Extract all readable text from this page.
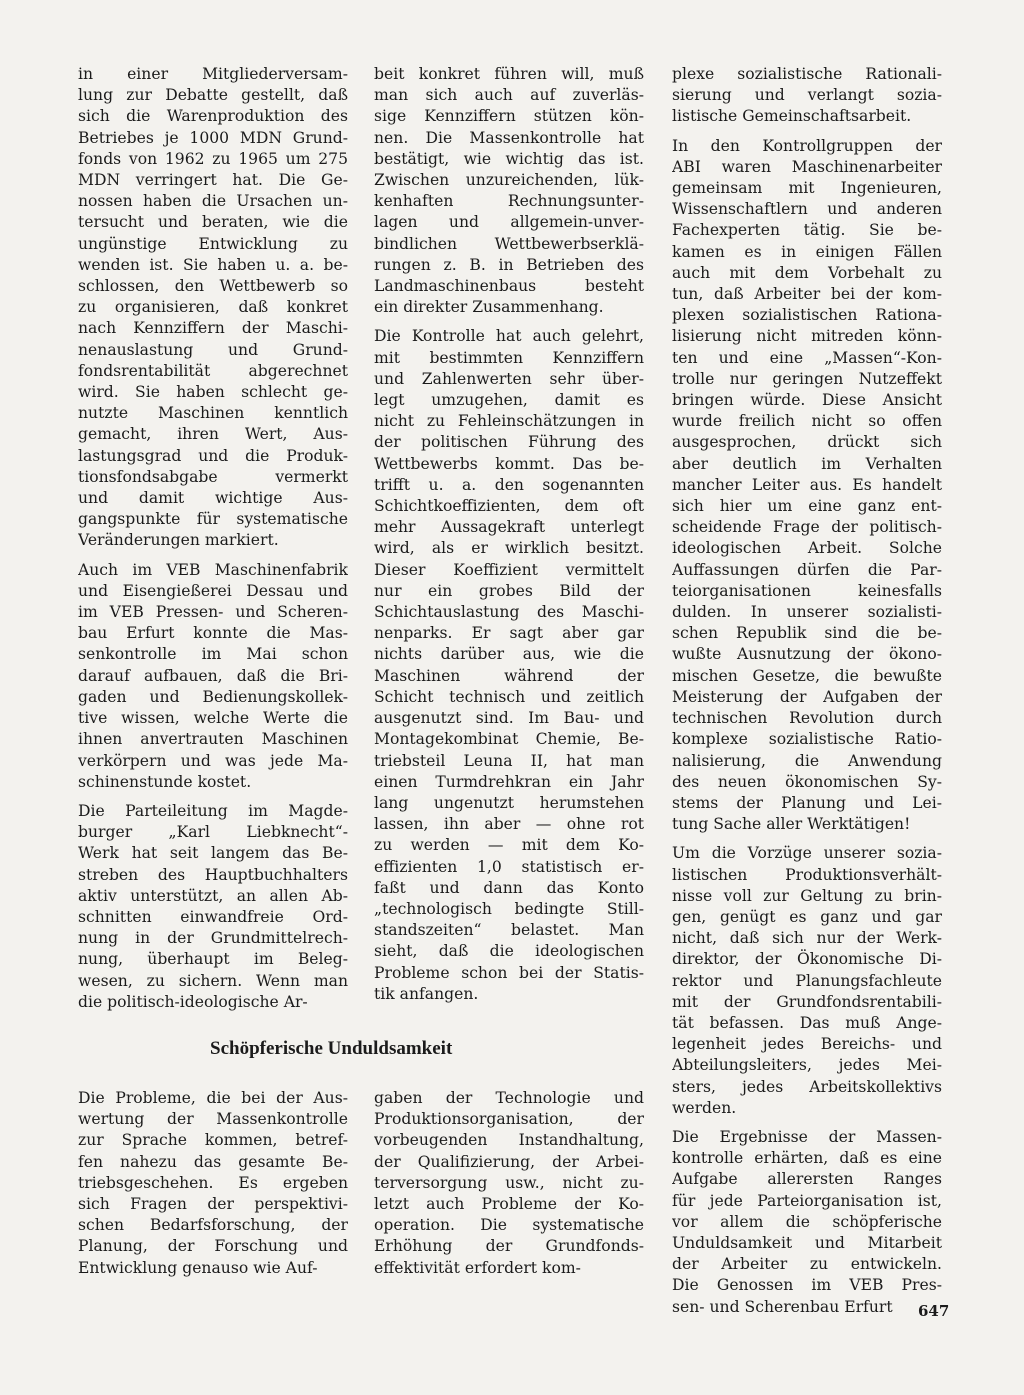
in einer Mitgliederversam-
lung zur Debatte gestellt, daß
sich die Warenproduktion des
Betriebes je 1000 MDN Grund-
fonds von 1962 zu 1965 um 275
MDN verringert hat. Die Ge-
nossen haben die Ursachen un-
tersucht und beraten, wie die
ungünstige Entwicklung zu
wenden ist. Sie haben u. a. be-
schlossen, den Wettbewerb so
zu organisieren, daß konkret
nach Kennziffern der Maschi-
nenauslastung und Grund-
fondsrentabilität abgerechnet
wird. Sie haben schlecht ge-
nutzte Maschinen kenntlich
gemacht, ihren Wert, Aus-
lastungsgrad und die Produk-
tionsfondsabgabe vermerkt
und damit wichtige Aus-
gangspunkte für systematische
Veränderungen markiert.

Auch im VEB Maschinenfabrik
und Eisengießerei Dessau und
im VEB Pressen- und Scheren-
bau Erfurt konnte die Mas-
senkontrolle im Mai schon
darauf aufbauen, daß die Bri-
gaden und Bedienungskollek-
tive wissen, welche Werte die
ihnen anvertrauten Maschinen
verkörpern und was jede Ma-
schinenstunde kostet.

Die Parteileitung im Magde-
burger „Karl Liebknecht“-
Werk hat seit langem das Be-
streben des Hauptbuchhalters
aktiv unterstützt, an allen Ab-
schnitten einwandfreie Ord-
nung in der Grundmittelrech-
nung, überhaupt im Beleg-
wesen, zu sichern. Wenn man
die politisch-ideologische Ar-

beit konkret führen will, muß
man sich auch auf zuverläs-
sige Kennziffern stützen kön-
nen. Die Massenkontrolle hat
bestätigt, wie wichtig das ist.
Zwischen unzureichenden, lük-
kenhaften Rechnungsunter-
lagen und allgemein-unver-
bindlichen Wettbewerbserklä-
rungen z. B. in Betrieben des
Landmaschinenbaus besteht
ein direkter Zusammenhang.

Die Kontrolle hat auch gelehrt,
mit bestimmten Kennziffern
und Zahlenwerten sehr über-
legt umzugehen, damit es
nicht zu Fehleinschätzungen in
der politischen Führung des
Wettbewerbs kommt. Das be-
trifft u. a. den sogenannten
Schichtkoeffizienten, dem oft
mehr Aussagekraft unterlegt
wird, als er wirklich besitzt.
Dieser Koeffizient vermittelt
nur ein grobes Bild der
Schichtauslastung des Maschi-
nenparks. Er sagt aber gar
nichts darüber aus, wie die
Maschinen während der
Schicht technisch und zeitlich
ausgenutzt sind. Im Bau- und
Montagekombinat Chemie, Be-
triebsteil Leuna II, hat man
einen Turmdrehkran ein Jahr
lang ungenutzt herumstehen
lassen, ihn aber — ohne rot
zu werden — mit dem Ko-
effizienten 1,0 statistisch er-
faßt und dann das Konto
„technologisch bedingte Still-
standszeiten“ belastet. Man
sieht, daß die ideologischen
Probleme schon bei der Statis-
tik anfangen.

plexe sozialistische Rationali-
sierung und verlangt sozia-
listische Gemeinschaftsarbeit.

In den Kontrollgruppen der
ABI waren Maschinenarbeiter
gemeinsam mit Ingenieuren,
Wissenschaftlern und anderen
Fachexperten tätig. Sie be-
kamen es in einigen Fällen
auch mit dem Vorbehalt zu
tun, daß Arbeiter bei der kom-
plexen sozialistischen Rationa-
lisierung nicht mitreden könn-
ten und eine „Massen“-Kon-
trolle nur geringen Nutzeffekt
bringen würde. Diese Ansicht
wurde freilich nicht so offen
ausgesprochen, drückt sich
aber deutlich im Verhalten
mancher Leiter aus. Es handelt
sich hier um eine ganz ent-
scheidende Frage der politisch-
ideologischen Arbeit. Solche
Auffassungen dürfen die Par-
teiorganisationen keinesfalls
dulden. In unserer sozialisti-
schen Republik sind die be-
wußte Ausnutzung der ökono-
mischen Gesetze, die bewußte
Meisterung der Aufgaben der
technischen Revolution durch
komplexe sozialistische Ratio-
nalisierung, die Anwendung
des neuen ökonomischen Sy-
stems der Planung und Lei-
tung Sache aller Werktätigen!

Um die Vorzüge unserer sozia-
listischen Produktionsverhält-
nisse voll zur Geltung zu brin-
gen, genügt es ganz und gar
nicht, daß sich nur der Werk-
direktor, der Ökonomische Di-
rektor und Planungsfachleute
mit der Grundfondsrentabili-
tät befassen. Das muß Ange-
legenheit jedes Bereichs- und
Abteilungsleiters, jedes Mei-
sters, jedes Arbeitskollektivs
werden.

Die Ergebnisse der Massen-
kontrolle erhärten, daß es eine
Aufgabe allerersten Ranges
für jede Parteiorganisation ist,
vor allem die schöpferische
Unduldsamkeit und Mitarbeit
der Arbeiter zu entwickeln.
Die Genossen im VEB Pres-
sen- und Scherenbau Erfurt

Schöpferische Unduldsamkeit

Die Probleme, die bei der Aus-
wertung der Massenkontrolle
zur Sprache kommen, betref-
fen nahezu das gesamte Be-
triebsgeschehen. Es ergeben
sich Fragen der perspektivi-
schen Bedarfsforschung, der
Planung, der Forschung und
Entwicklung genauso wie Auf-

gaben der Technologie und
Produktionsorganisation, der
vorbeugenden Instandhaltung,
der Qualifizierung, der Arbei-
terversorgung usw., nicht zu-
letzt auch Probleme der Ko-
operation. Die systematische
Erhöhung der Grundfonds-
effektivität erfordert kom-

647
